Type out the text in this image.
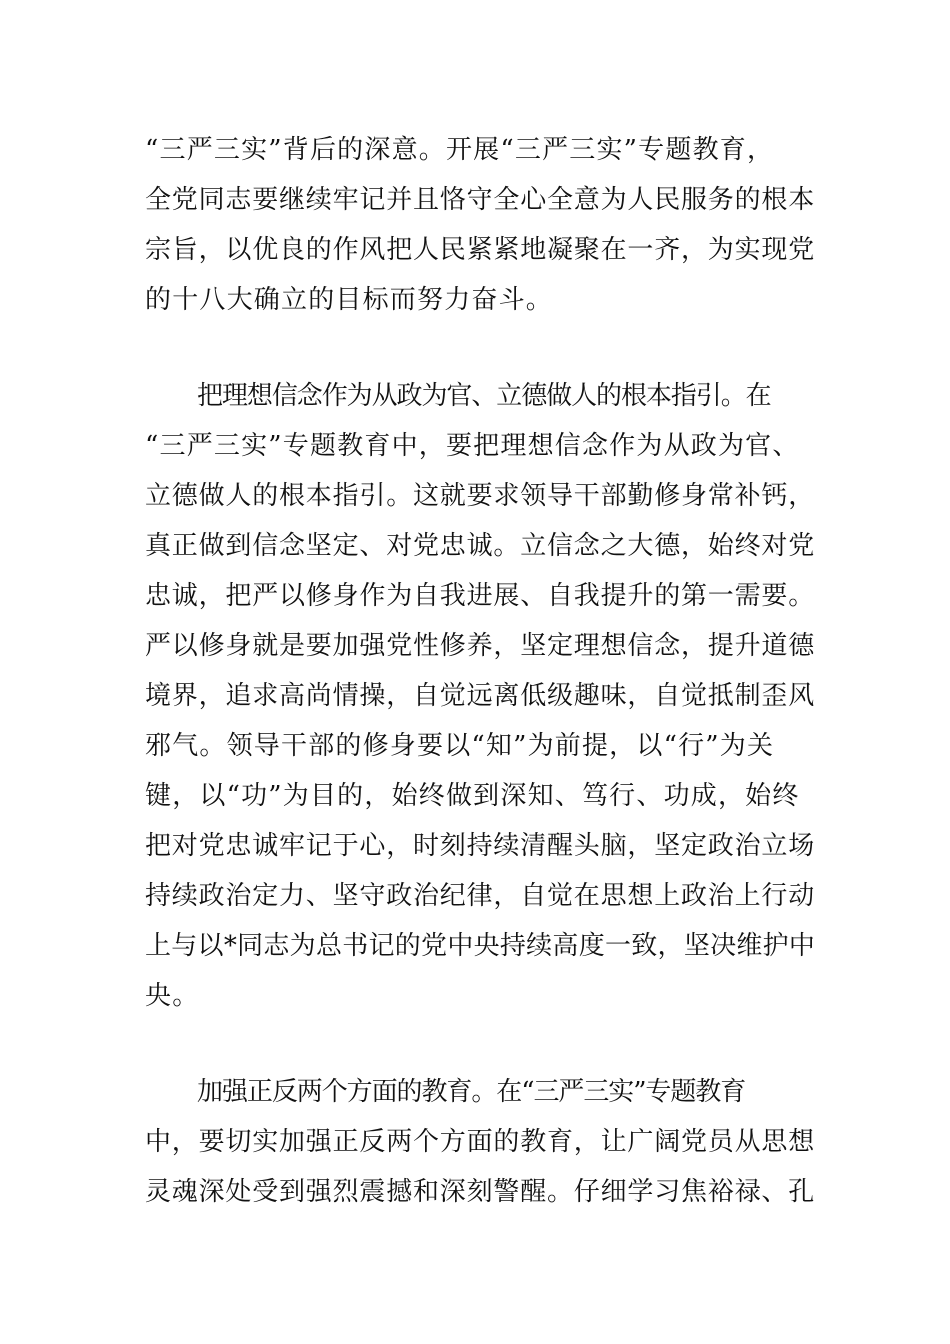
“三严三实”背后的深意。开展“三严三实”专题教育，
全党同志要继续牢记并且恪守全心全意为人民服务的根本
宗旨，以优良的作风把人民紧紧地凝聚在一齐，为实现党
的十八大确立的目标而努力奋斗。
把理想信念作为从政为官、立德做人的根本指引。在
“三严三实”专题教育中，要把理想信念作为从政为官、
立德做人的根本指引。这就要求领导干部勤修身常补钙，
真正做到信念坚定、对党忠诚。立信念之大德，始终对党
忠诚，把严以修身作为自我进展、自我提升的第一需要。
严以修身就是要加强党性修养，坚定理想信念，提升道德
境界，追求高尚情操，自觉远离低级趣味，自觉抵制歪风
邪气。领导干部的修身要以“知”为前提，以“行”为关
键，以“功”为目的，始终做到深知、笃行、功成，始终
把对党忠诚牢记于心，时刻持续清醒头脑，坚定政治立场
持续政治定力、坚守政治纪律，自觉在思想上政治上行动
上与以*同志为总书记的党中央持续高度一致，坚决维护中
央。
加强正反两个方面的教育。在“三严三实”专题教育
中，要切实加强正反两个方面的教育，让广阔党员从思想
灵魂深处受到强烈震撼和深刻警醒。仔细学习焦裕禄、孔
